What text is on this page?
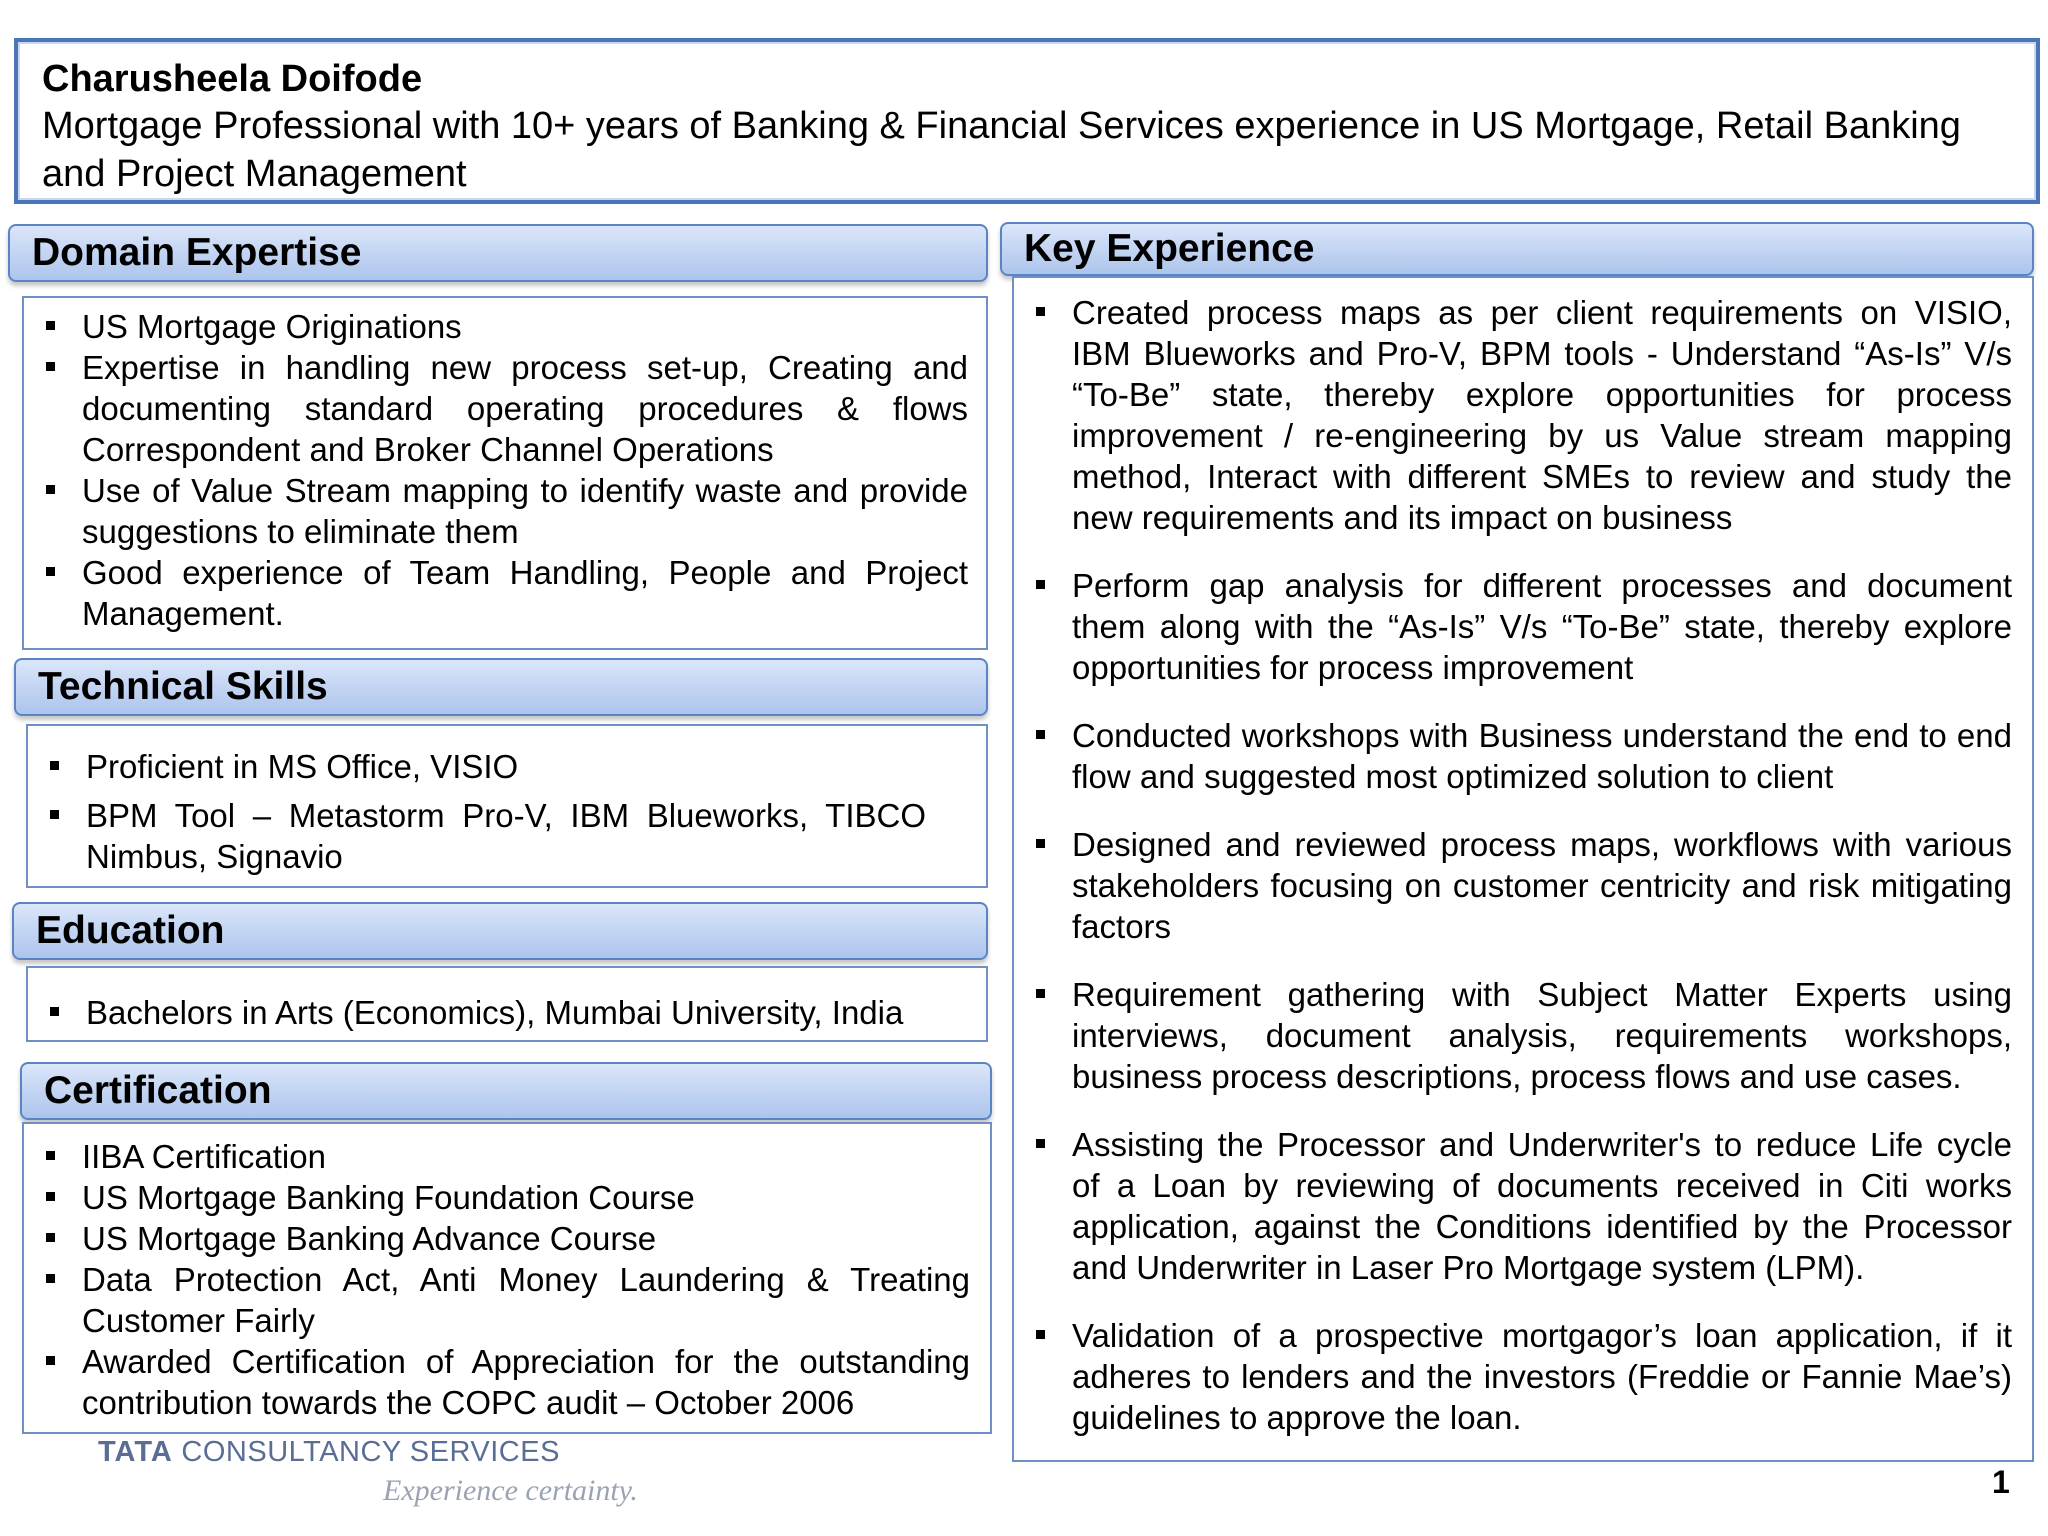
Charusheela Doifode
Mortgage Professional with 10+ years of Banking & Financial Services experience in US Mortgage, Retail Banking and Project Management
Domain Expertise
US Mortgage Originations
Expertise in handling new process set-up, Creating and documenting standard operating procedures & flows Correspondent and Broker Channel Operations
Use of Value Stream mapping to identify waste and provide suggestions to eliminate them
Good experience of Team Handling, People and Project Management.
Technical Skills
Proficient in MS Office, VISIO
BPM Tool – Metastorm Pro-V, IBM Blueworks, TIBCO Nimbus, Signavio
Education
Bachelors in Arts (Economics), Mumbai University, India
Certification
IIBA Certification
US Mortgage Banking Foundation Course
US Mortgage Banking Advance Course
Data Protection Act, Anti Money Laundering & Treating Customer Fairly
Awarded Certification of Appreciation for the outstanding contribution towards the COPC audit – October 2006
Key Experience
Created process maps as per client requirements on VISIO, IBM Blueworks and Pro-V, BPM tools - Understand “As-Is” V/s “To-Be” state, thereby explore opportunities for process improvement / re-engineering by us Value stream mapping method, Interact with different SMEs to review and study the new requirements and its impact on business
Perform gap analysis for different processes and document them along with the “As-Is” V/s “To-Be” state, thereby explore opportunities for process improvement
Conducted workshops with Business understand the end to end flow and suggested most optimized solution to client
Designed and reviewed process maps, workflows with various stakeholders focusing on customer centricity and risk mitigating factors
Requirement gathering with Subject Matter Experts using interviews, document analysis, requirements workshops, business process descriptions, process flows and use cases.
Assisting the Processor and Underwriter's to reduce Life cycle of a Loan by reviewing of documents received in Citi works application, against the Conditions identified by the Processor and Underwriter in Laser Pro Mortgage system (LPM).
Validation of a prospective mortgagor’s loan application, if it adheres to lenders and the investors (Freddie or Fannie Mae’s) guidelines to approve the loan.
TATA CONSULTANCY SERVICES
Experience certainty.	1
